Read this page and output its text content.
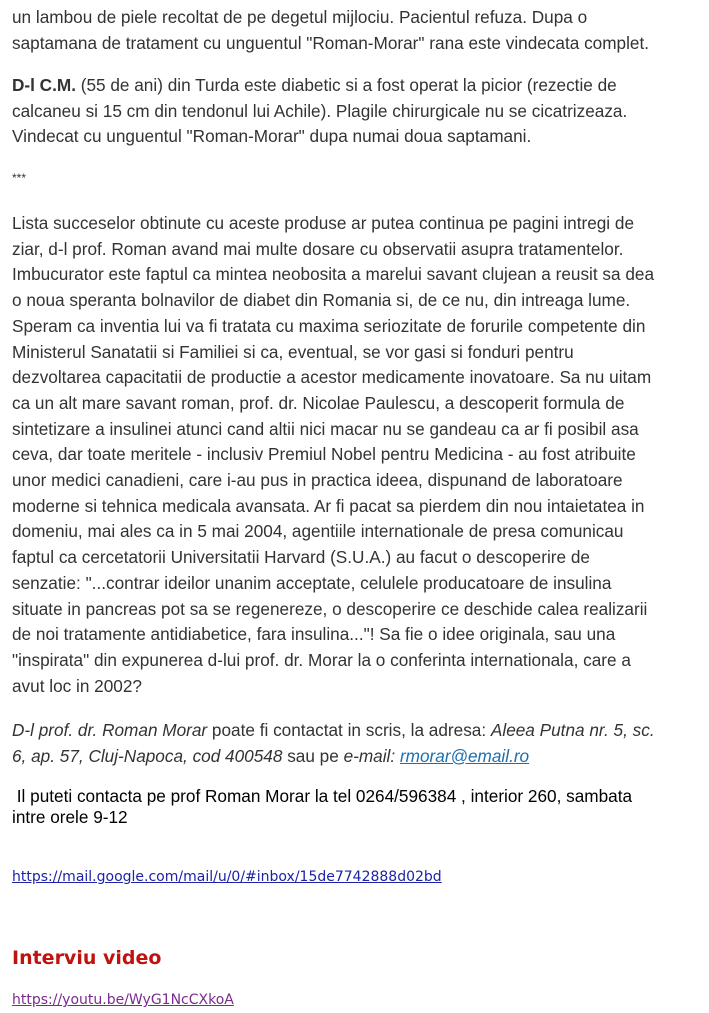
un lambou de piele recoltat de pe degetul mijlociu. Pacientul refuza. Dupa o
saptamana de tratament cu unguentul "Roman-Morar" rana este vindecata complet.

D-l C.M. (55 de ani) din Turda este diabetic si a fost operat la picior (rezectie de
calcaneu si 15 cm din tendonul lui Achile). Plagile chirurgicale nu se cicatrizeaza.
Vindecat cu unguentul "Roman-Morar" dupa numai doua saptamani.

***

Lista succeselor obtinute cu aceste produse ar putea continua pe pagini intregi de
ziar, d-l prof. Roman avand mai multe dosare cu observatii asupra tratamentelor.
Imbucurator este faptul ca mintea neobosita a marelui savant clujean a reusit sa dea
o noua speranta bolnavilor de diabet din Romania si, de ce nu, din intreaga lume.
Speram ca inventia lui va fi tratata cu maxima seriozitate de forurile competente din
Ministerul Sanatatii si Familiei si ca, eventual, se vor gasi si fonduri pentru
dezvoltarea capacitatii de productie a acestor medicamente inovatoare. Sa nu uitam
ca un alt mare savant roman, prof. dr. Nicolae Paulescu, a descoperit formula de
sintetizare a insulinei atunci cand altii nici macar nu se gandeau ca ar fi posibil asa
ceva, dar toate meritele - inclusiv Premiul Nobel pentru Medicina - au fost atribuite
unor medici canadieni, care i-au pus in practica ideea, dispunand de laboratoare
moderne si tehnica medicala avansata. Ar fi pacat sa pierdem din nou intaietatea in
domeniu, mai ales ca in 5 mai 2004, agentiile internationale de presa comunicau
faptul ca cercetatorii Universitatii Harvard (S.U.A.) au facut o descoperire de
senzatie: "...contrar ideilor unanim acceptate, celulele producatoare de insulina
situate in pancreas pot sa se regenereze, o descoperire ce deschide calea realizarii
de noi tratamente antidiabetice, fara insulina..."! Sa fie o idee originala, sau una
"inspirata" din expunerea d-lui prof. dr. Morar la o conferinta internationala, care a
avut loc in 2002?

D-l prof. dr. Roman Morar poate fi contactat in scris, la adresa: Aleea Putna nr. 5, sc.
6, ap. 57, Cluj-Napoca, cod 400548 sau pe e-mail: rmorar@email.ro
Il puteti contacta pe prof Roman Morar la tel 0264/596384 , interior 260, sambata
intre orele 9-12
https://mail.google.com/mail/u/0/#inbox/15de7742888d02bd
Interviu video
https://youtu.be/WyG1NcCXkoA
